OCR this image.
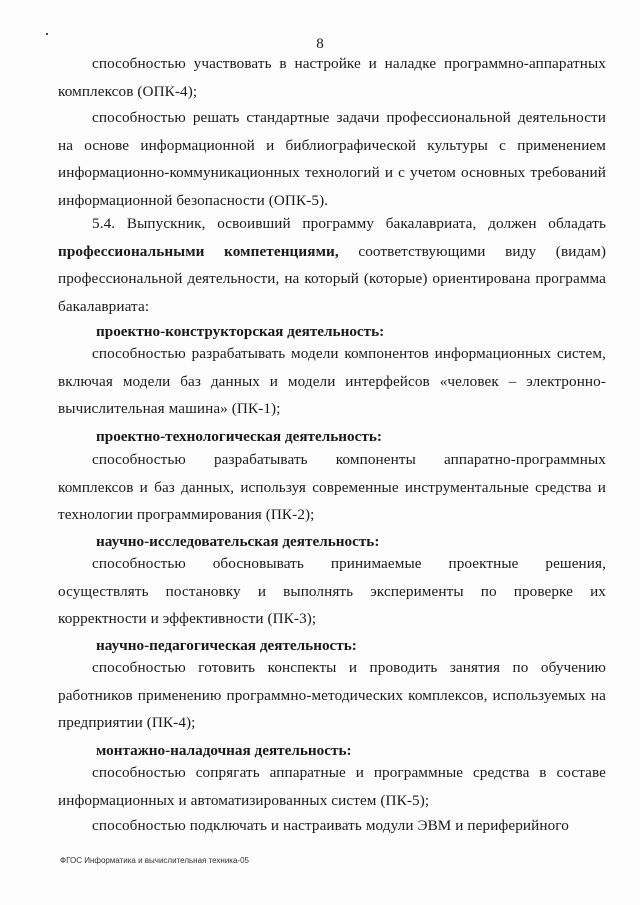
8
способностью участвовать в настройке и наладке программно-аппаратных комплексов (ОПК-4);
способностью решать стандартные задачи профессиональной деятельности на основе информационной и библиографической культуры с применением информационно-коммуникационных технологий и с учетом основных требований информационной безопасности (ОПК-5).
5.4. Выпускник, освоивший программу бакалавриата, должен обладать профессиональными компетенциями, соответствующими виду (видам) профессиональной деятельности, на который (которые) ориентирована программа бакалавриата:
проектно-конструкторская деятельность:
способностью разрабатывать модели компонентов информационных систем, включая модели баз данных и модели интерфейсов «человек – электронно-вычислительная машина» (ПК-1);
проектно-технологическая деятельность:
способностью разрабатывать компоненты аппаратно-программных комплексов и баз данных, используя современные инструментальные средства и технологии программирования (ПК-2);
научно-исследовательская деятельность:
способностью обосновывать принимаемые проектные решения, осуществлять постановку и выполнять эксперименты по проверке их корректности и эффективности (ПК-3);
научно-педагогическая деятельность:
способностью готовить конспекты и проводить занятия по обучению работников применению программно-методических комплексов, используемых на предприятии (ПК-4);
монтажно-наладочная деятельность:
способностью сопрягать аппаратные и программные средства в составе информационных и автоматизированных систем (ПК-5);
способностью подключать и настраивать модули ЭВМ и периферийного
ФГОС Информатика и вычислительная техника-05
